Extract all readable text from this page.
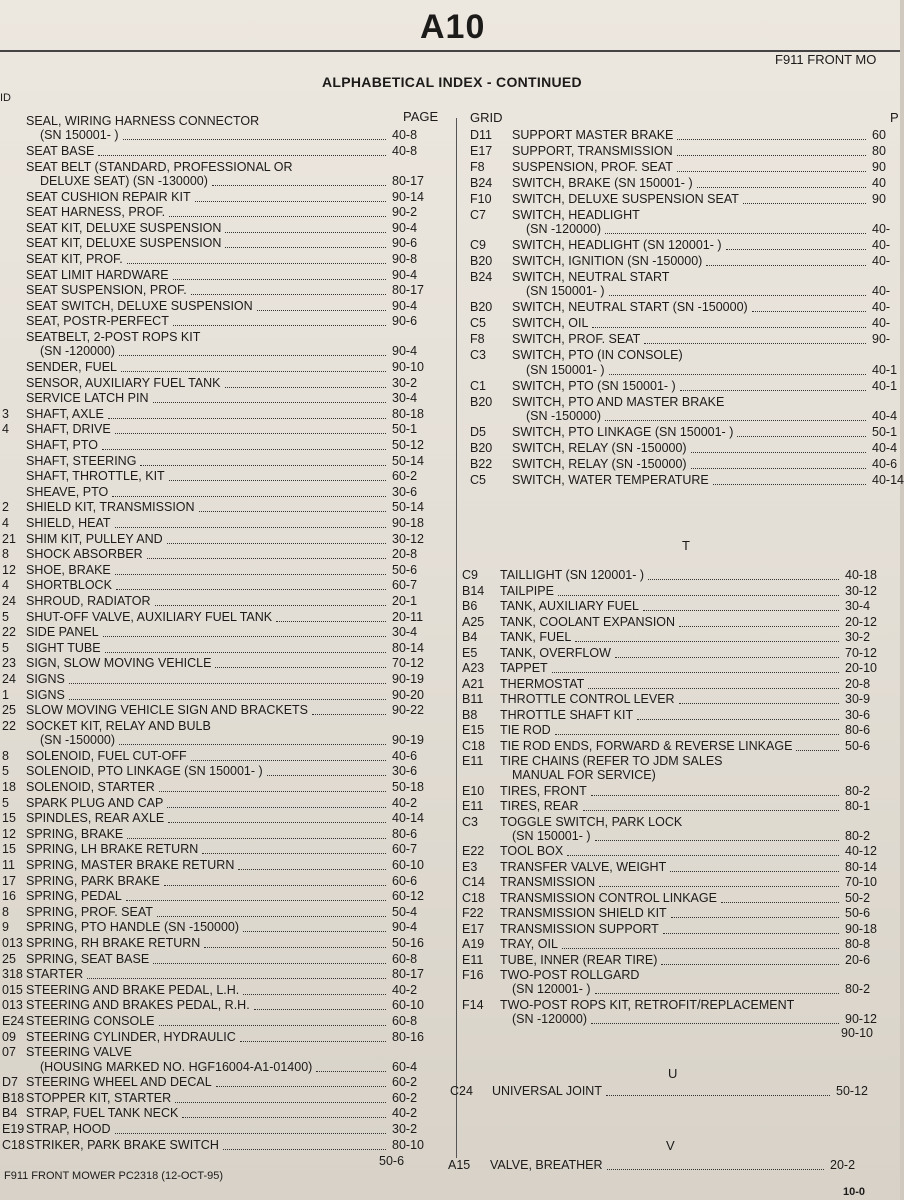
A10
F911 FRONT MO
ALPHABETICAL INDEX - CONTINUED
ID
PAGE GRID	P
SEAL, WIRING HARNESS CONNECTOR
(SN 150001- )	40-8
SEAT BASE	40-8
SEAT BELT (STANDARD, PROFESSIONAL OR
DELUXE SEAT) (SN -130000)	80-17
SEAT CUSHION REPAIR KIT	90-14
SEAT HARNESS, PROF.	90-2
SEAT KIT, DELUXE SUSPENSION	90-4
SEAT KIT, DELUXE SUSPENSION	90-6
SEAT KIT, PROF.	90-8
SEAT LIMIT HARDWARE	90-4
SEAT SUSPENSION, PROF.	80-17
SEAT SWITCH, DELUXE SUSPENSION	90-4
SEAT, POSTR-PERFECT	90-6
SEATBELT, 2-POST ROPS KIT
(SN -120000)	90-4
SENDER, FUEL	90-10
SENSOR, AUXILIARY FUEL TANK	30-2
SERVICE LATCH PIN	30-4
3 SHAFT, AXLE	80-18
4 SHAFT, DRIVE	50-1
SHAFT, PTO	50-12
SHAFT, STEERING	50-14
SHAFT, THROTTLE, KIT	60-2
SHEAVE, PTO	30-6
2 SHIELD KIT, TRANSMISSION	50-14
4 SHIELD, HEAT	90-18
21 SHIM KIT, PULLEY AND	30-12
8 SHOCK ABSORBER	20-8
12 SHOE, BRAKE	50-6
4 SHORTBLOCK	60-7
24 SHROUD, RADIATOR	20-1
5 SHUT-OFF VALVE, AUXILIARY FUEL TANK	20-11
22 SIDE PANEL	30-4
5 SIGHT TUBE	80-14
23 SIGN, SLOW MOVING VEHICLE	70-12
24 SIGNS	90-19
1 SIGNS	90-20
25 SLOW MOVING VEHICLE SIGN AND BRACKETS	90-22
22 SOCKET KIT, RELAY AND BULB
(SN -150000)	90-19
8 SOLENOID, FUEL CUT-OFF	40-6
5 SOLENOID, PTO LINKAGE (SN 150001- )	30-6
18 SOLENOID, STARTER	50-18
5 SPARK PLUG AND CAP	40-2
15 SPINDLES, REAR AXLE	40-14
12 SPRING, BRAKE	80-6
15 SPRING, LH BRAKE RETURN	60-7
11 SPRING, MASTER BRAKE RETURN	60-10
17 SPRING, PARK BRAKE	60-6
16 SPRING, PEDAL	60-12
8 SPRING, PROF. SEAT	50-4
9 SPRING, PTO HANDLE (SN -150000)	90-4
013 SPRING, RH BRAKE RETURN	50-16
25 SPRING, SEAT BASE	60-8
318 STARTER	80-17
015 STEERING AND BRAKE PEDAL, L.H.	40-2
013 STEERING AND BRAKES PEDAL, R.H.	60-10
E24 STEERING CONSOLE	60-8
09 STEERING CYLINDER, HYDRAULIC	80-16
07 STEERING VALVE
(HOUSING MARKED NO. HGF16004-A1-01400)	60-4
D7 STEERING WHEEL AND DECAL	60-2
B18 STOPPER KIT, STARTER	60-2
B4 STRAP, FUEL TANK NECK	40-2
E19 STRAP, HOOD	30-2
C18 STRIKER, PARK BRAKE SWITCH	80-10
D11 SUPPORT MASTER BRAKE	60
E17 SUPPORT, TRANSMISSION	80
F8 SUSPENSION, PROF. SEAT	90
B24 SWITCH, BRAKE (SN 150001- )	40
F10 SWITCH, DELUXE SUSPENSION SEAT	90
C7 SWITCH, HEADLIGHT
(SN -120000)	40-
C9 SWITCH, HEADLIGHT (SN 120001- )	40-
B20 SWITCH, IGNITION (SN -150000)	40-
B24 SWITCH, NEUTRAL START
(SN 150001- )	40-
B20 SWITCH, NEUTRAL START (SN -150000)	40-
C5 SWITCH, OIL	40-
F8 SWITCH, PROF. SEAT	90-
C3 SWITCH, PTO (IN CONSOLE)
(SN 150001- )	40-1
C1 SWITCH, PTO (SN 150001- )	40-1
B20 SWITCH, PTO AND MASTER BRAKE
(SN -150000)	40-4
D5 SWITCH, PTO LINKAGE (SN 150001- )	50-1
B20 SWITCH, RELAY (SN -150000)	40-4
B22 SWITCH, RELAY (SN -150000)	40-6
C5 SWITCH, WATER TEMPERATURE	40-14
C9 TAILLIGHT (SN 120001- )	40-18
B14 TAILPIPE	30-12
B6 TANK, AUXILIARY FUEL	30-4
A25 TANK, COOLANT EXPANSION	20-12
B4 TANK, FUEL	30-2
E5 TANK, OVERFLOW	70-12
A23 TAPPET	20-10
A21 THERMOSTAT	20-8
B11 THROTTLE CONTROL LEVER	30-9
B8 THROTTLE SHAFT KIT	30-6
E15 TIE ROD	80-6
C18 TIE ROD ENDS, FORWARD & REVERSE LINKAGE	50-6
E11 TIRE CHAINS (REFER TO JDM SALES
MANUAL FOR SERVICE)
E10 TIRES, FRONT	80-2
E11 TIRES, REAR	80-1
C3 TOGGLE SWITCH, PARK LOCK
(SN 150001- )	80-2
E22 TOOL BOX	40-12
E3 TRANSFER VALVE, WEIGHT	80-14
C14 TRANSMISSION	70-10
C18 TRANSMISSION CONTROL LINKAGE	50-2
F22 TRANSMISSION SHIELD KIT	50-6
E17 TRANSMISSION SUPPORT	90-18
A19 TRAY, OIL	80-8
E11 TUBE, INNER (REAR TIRE)	20-6
F16 TWO-POST ROLLGARD
(SN 120001- )	80-2
F14 TWO-POST ROPS KIT, RETROFIT/REPLACEMENT
(SN -120000)	90-12
C24 UNIVERSAL JOINT	50-12
A15 VALVE, BREATHER	20-2
T
U
V
50-6
90-10
F911 FRONT MOWER PC2318 (12-OCT-95)
10-0
